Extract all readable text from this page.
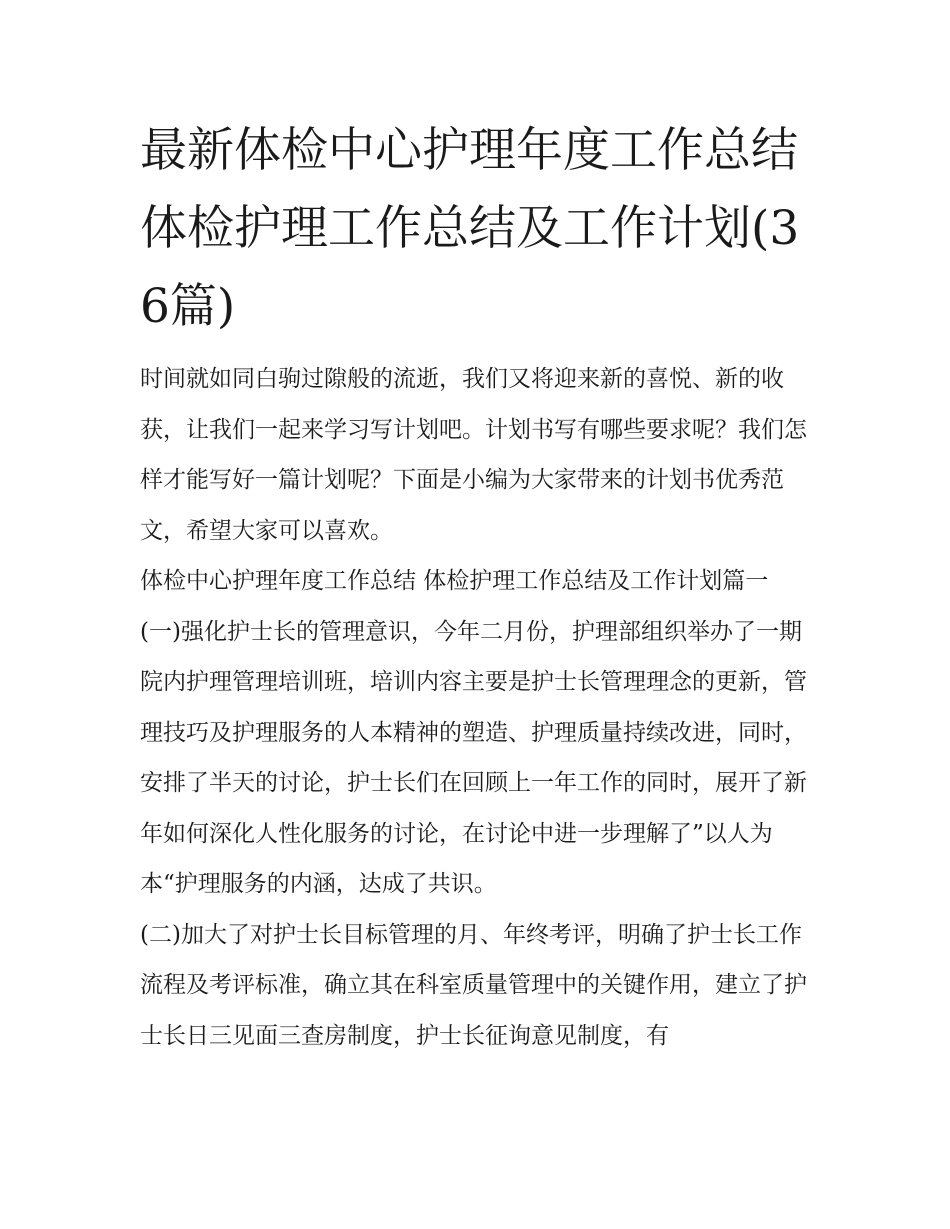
最新体检中心护理年度工作总结 体检护理工作总结及工作计划(36篇)

时间就如同白驹过隙般的流逝，我们又将迎来新的喜悦、新的收获，让我们一起来学习写计划吧。计划书写有哪些要求呢？我们怎样才能写好一篇计划呢？下面是小编为大家带来的计划书优秀范文，希望大家可以喜欢。

体检中心护理年度工作总结 体检护理工作总结及工作计划篇一

(一)强化护士长的管理意识，今年二月份，护理部组织举办了一期院内护理管理培训班，培训内容主要是护士长管理理念的更新，管理技巧及护理服务的人本精神的塑造、护理质量持续改进，同时，安排了半天的讨论，护士长们在回顾上一年工作的同时，展开了新年如何深化人性化服务的讨论，在讨论中进一步理解了”以人为本“护理服务的内涵，达成了共识。

(二)加大了对护士长目标管理的月、年终考评，明确了护士长工作流程及考评标准，确立其在科室质量管理中的关键作用，建立了护士长日三见面三查房制度，护士长征询意见制度，有
